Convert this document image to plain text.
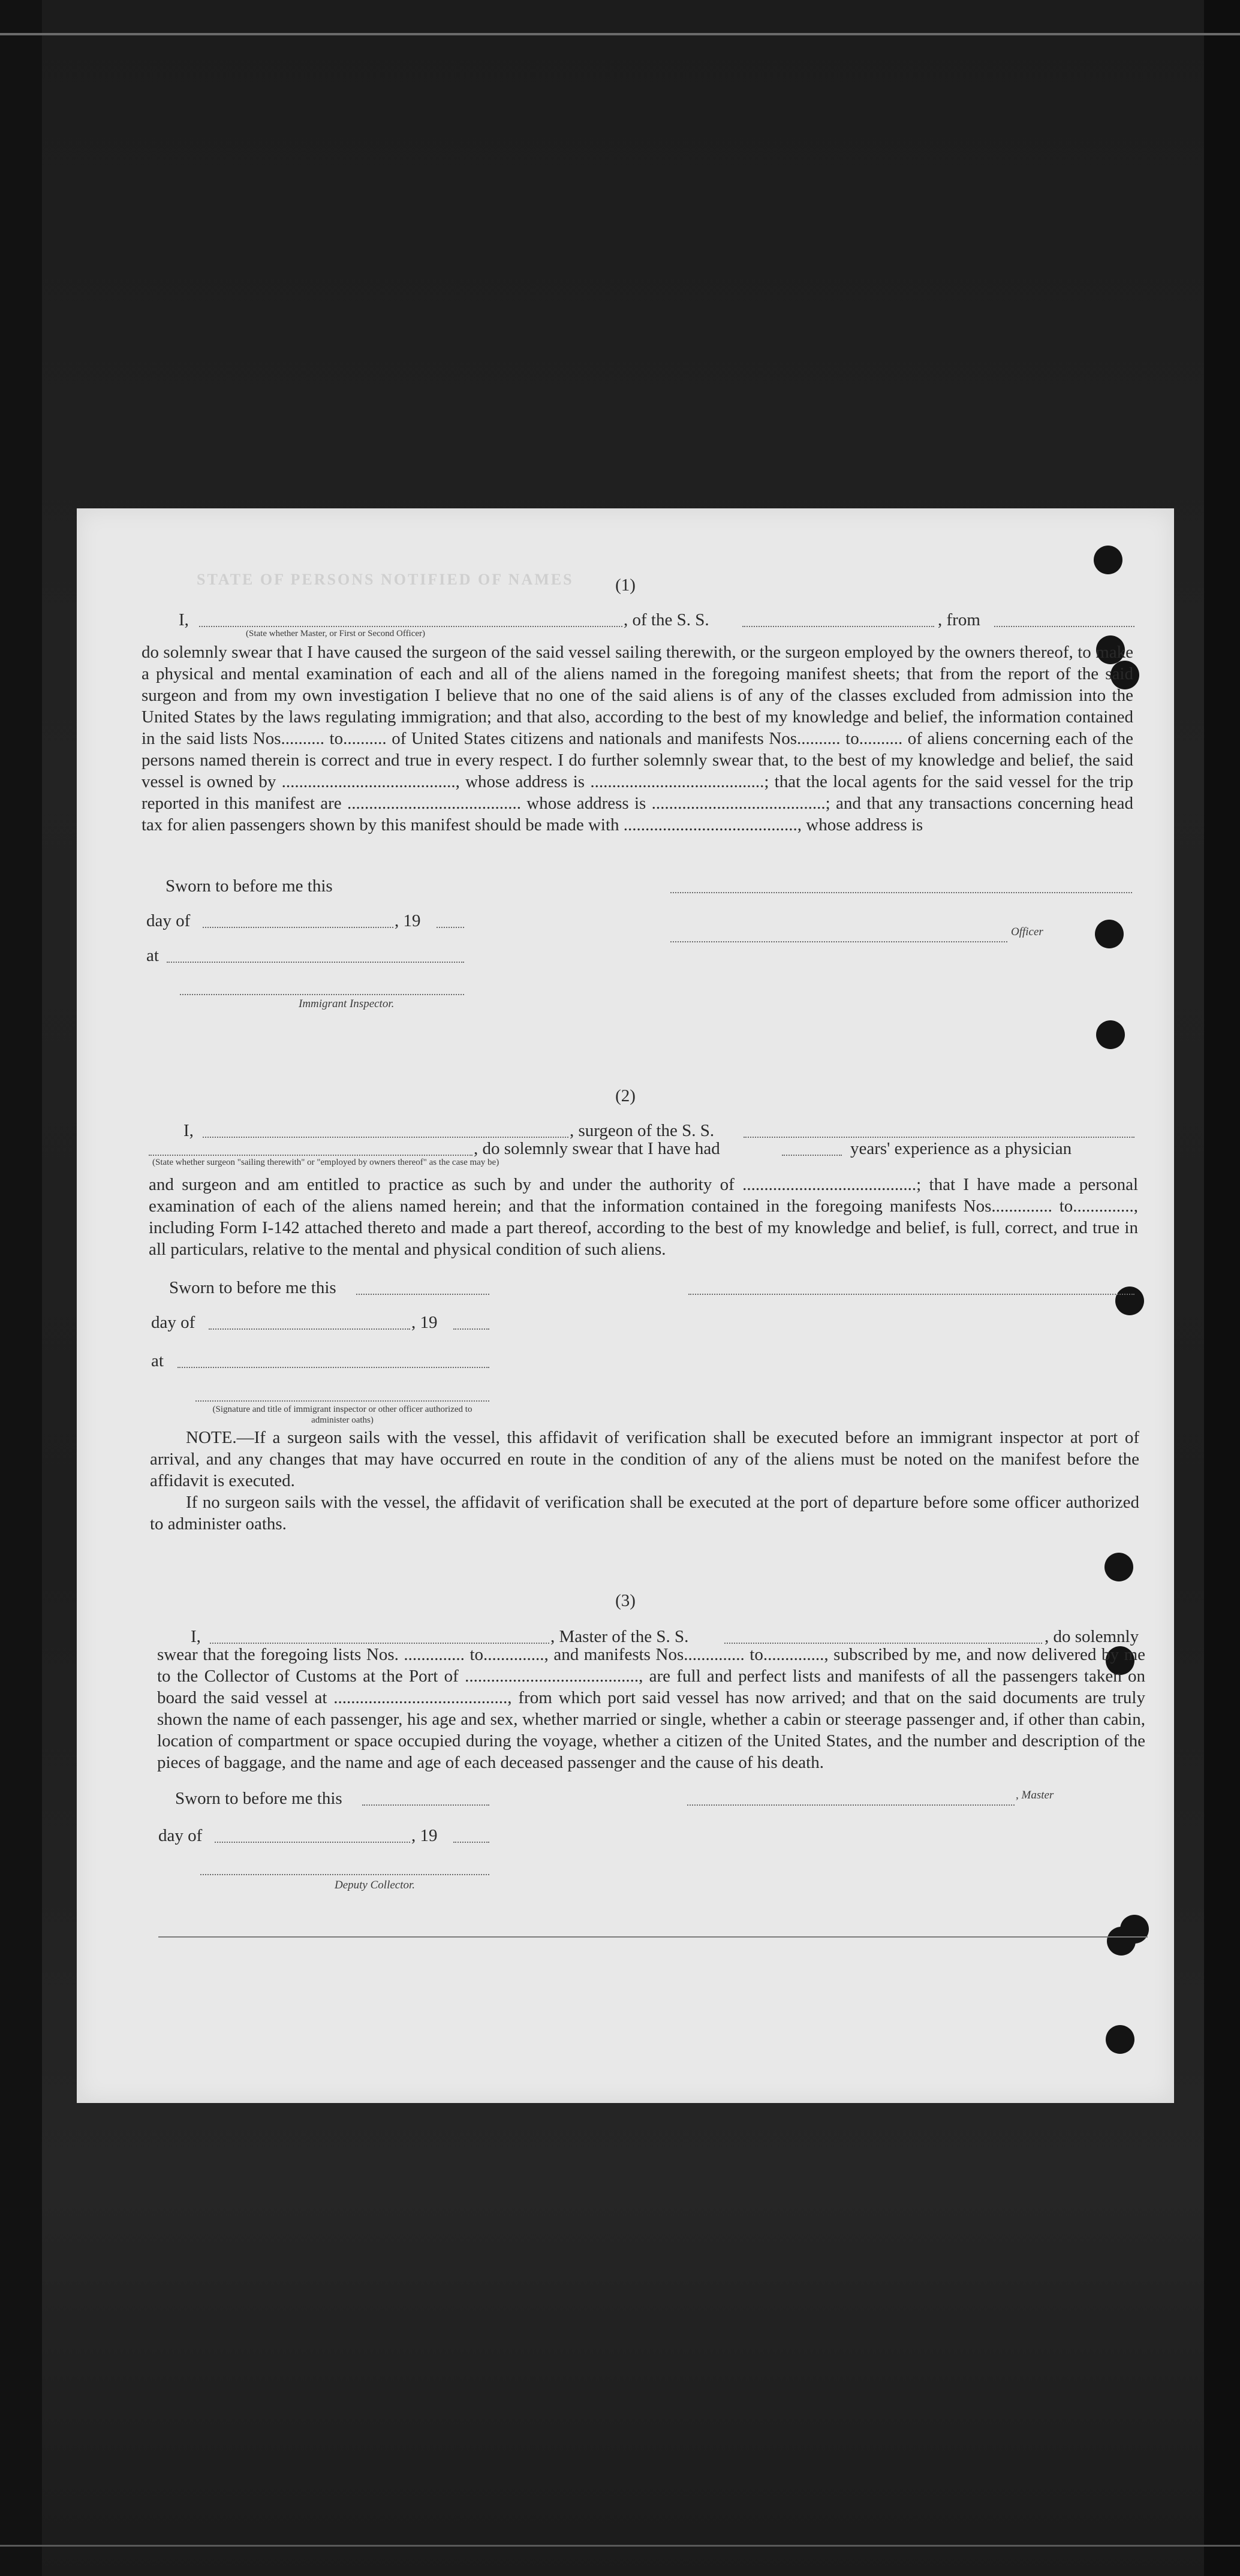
STATE OF PERSONS NOTIFIED OF NAMES	(1)
I,	, of the S. S.	, from
(State whether Master, or First or Second Officer)
do solemnly swear that I have caused the surgeon of the said vessel sailing therewith, or the surgeon employed by the owners thereof, to make a physical and mental examination of each and all of the aliens named in the foregoing manifest sheets; that from the report of the said surgeon and from my own investigation I believe that no one of the said aliens is of any of the classes excluded from admission into the United States by the laws regulating immigration; and that also, according to the best of my knowledge and belief, the information contained in the said lists Nos.......... to.......... of United States citizens and nationals and manifests Nos.......... to.......... of aliens concerning each of the persons named therein is correct and true in every respect. I do further solemnly swear that, to the best of my knowledge and belief, the said vessel is owned by ........................................, whose address is ........................................; that the local agents for the said vessel for the trip reported in this manifest are ........................................ whose address is ........................................; and that any transactions concerning head tax for alien passengers shown by this manifest should be made with ........................................, whose address is
Sworn to before me this
day of	, 19
Officer
at
Immigrant Inspector.
(2)
I,	, surgeon of the S. S.
, do solemnly swear that I have had	years' experience as a physician
(State whether surgeon "sailing therewith" or "employed by owners thereof" as the case may be)
and surgeon and am entitled to practice as such by and under the authority of ........................................; that I have made a personal examination of each of the aliens named herein; and that the information contained in the foregoing manifests Nos.............. to.............., including Form I-142 attached thereto and made a part thereof, according to the best of my knowledge and belief, is full, correct, and true in all particulars, relative to the mental and physical condition of such aliens.
Sworn to before me this
day of	, 19
at
(Signature and title of immigrant inspector or other officer authorized to administer oaths)
NOTE.—If a surgeon sails with the vessel, this affidavit of verification shall be executed before an immigrant inspector at port of arrival, and any changes that may have occurred en route in the condition of any of the aliens must be noted on the manifest before the affidavit is executed.
If no surgeon sails with the vessel, the affidavit of verification shall be executed at the port of departure before some officer authorized to administer oaths.
(3)
I,	, Master of the S. S.	, do solemnly
swear that the foregoing lists Nos. .............. to.............., and manifests Nos.............. to.............., subscribed by me, and now delivered by me to the Collector of Customs at the Port of ........................................, are full and perfect lists and manifests of all the passengers taken on board the said vessel at ........................................, from which port said vessel has now arrived; and that on the said documents are truly shown the name of each passenger, his age and sex, whether married or single, whether a cabin or steerage passenger and, if other than cabin, location of compartment or space occupied during the voyage, whether a citizen of the United States, and the number and description of the pieces of baggage, and the name and age of each deceased passenger and the cause of his death.
Sworn to before me this	, Master
day of	, 19
Deputy Collector.
